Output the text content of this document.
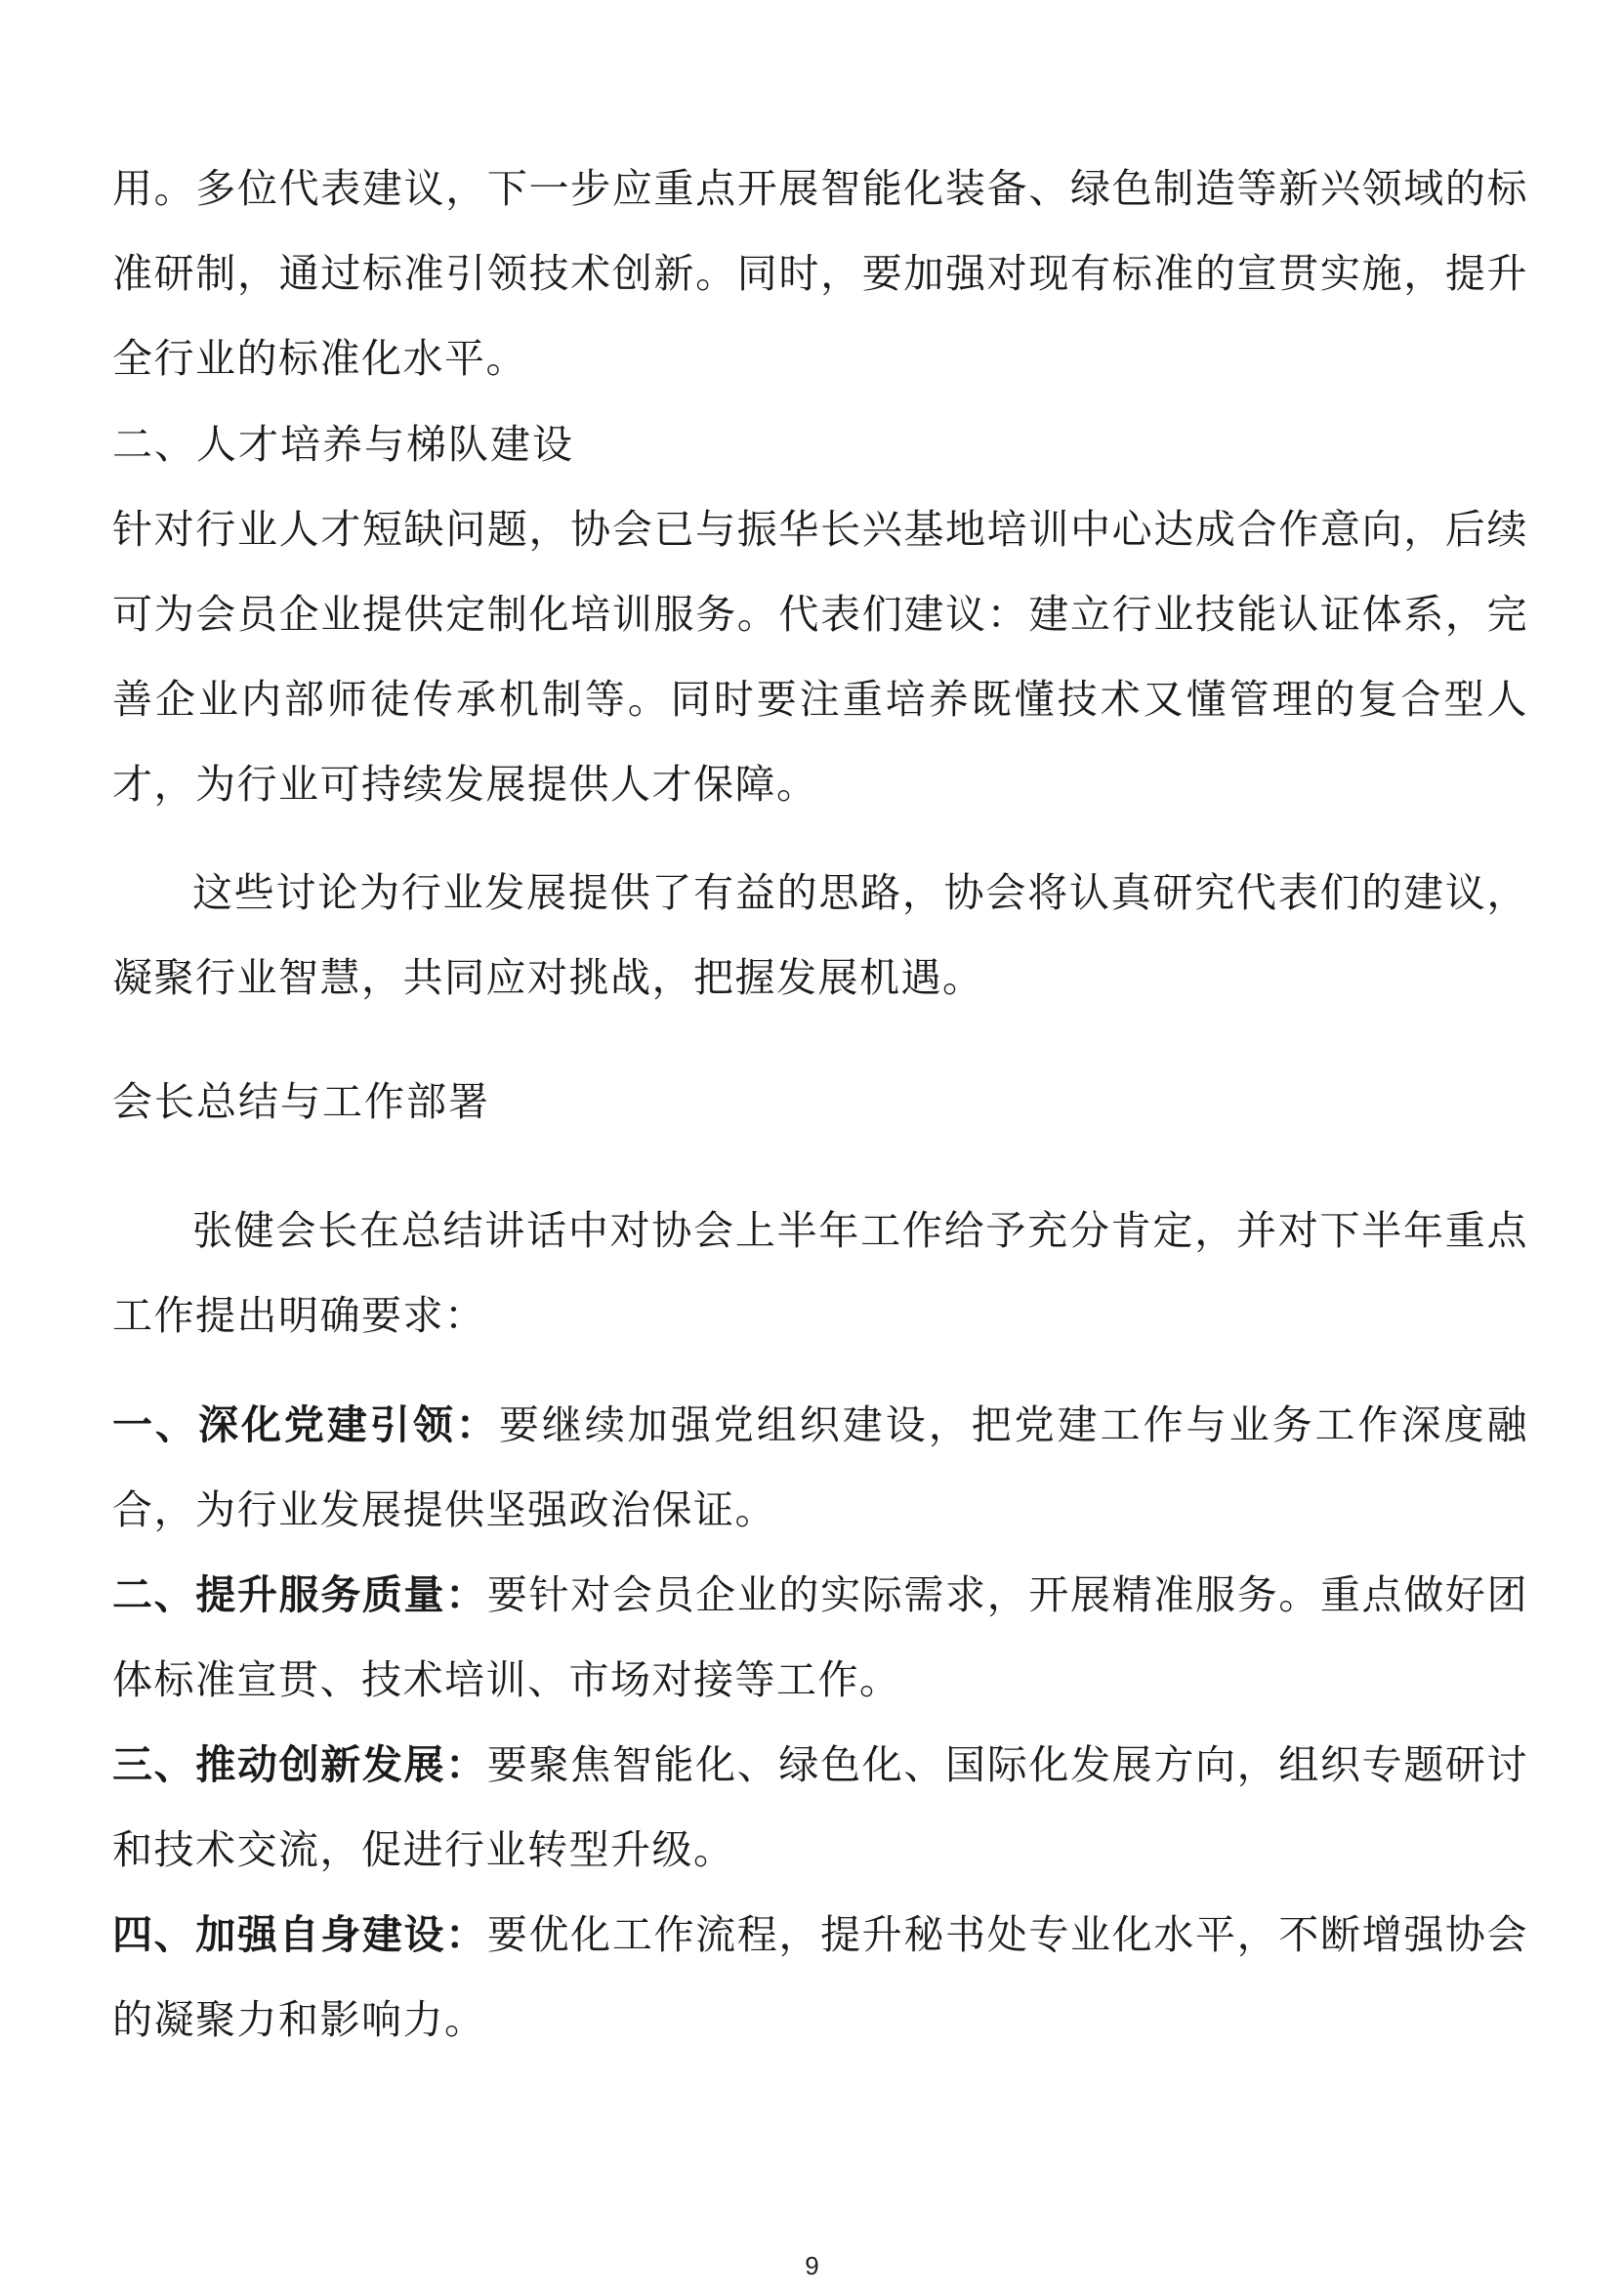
用。多位代表建议，下一步应重点开展智能化装备、绿色制造等新兴领域的标准研制，通过标准引领技术创新。同时，要加强对现有标准的宣贯实施，提升全行业的标准化水平。

二、人才培养与梯队建设

针对行业人才短缺问题，协会已与振华长兴基地培训中心达成合作意向，后续可为会员企业提供定制化培训服务。代表们建议：建立行业技能认证体系，完善企业内部师徒传承机制等。同时要注重培养既懂技术又懂管理的复合型人才，为行业可持续发展提供人才保障。

这些讨论为行业发展提供了有益的思路，协会将认真研究代表们的建议，凝聚行业智慧，共同应对挑战，把握发展机遇。

会长总结与工作部署

张健会长在总结讲话中对协会上半年工作给予充分肯定，并对下半年重点工作提出明确要求：

一、深化党建引领：要继续加强党组织建设，把党建工作与业务工作深度融合，为行业发展提供坚强政治保证。

二、提升服务质量：要针对会员企业的实际需求，开展精准服务。重点做好团体标准宣贯、技术培训、市场对接等工作。

三、推动创新发展：要聚焦智能化、绿色化、国际化发展方向，组织专题研讨和技术交流，促进行业转型升级。

四、加强自身建设：要优化工作流程，提升秘书处专业化水平，不断增强协会的凝聚力和影响力。

9
